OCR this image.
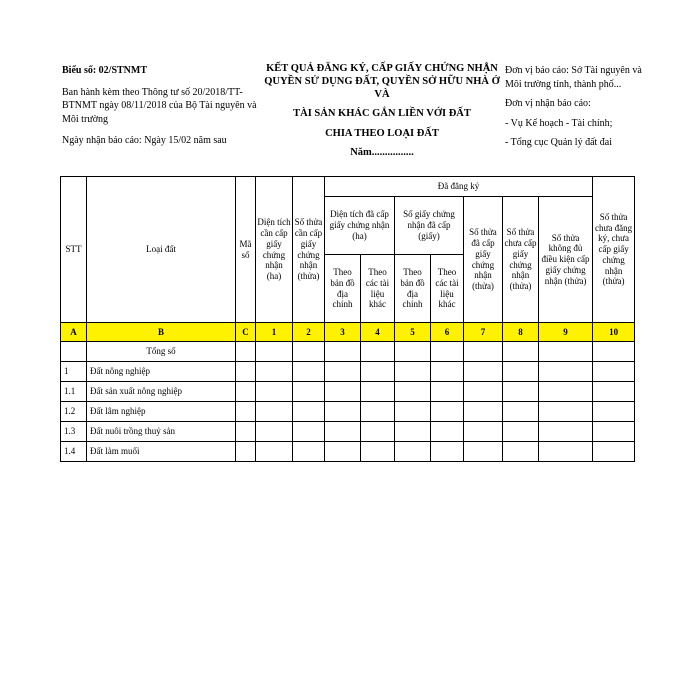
Biểu số: 02/STNMT

Ban hành kèm theo Thông tư số 20/2018/TT-BTNMT ngày 08/11/2018 của Bộ Tài nguyên và Môi trường

Ngày nhận báo cáo: Ngày 15/02 năm sau

KẾT QUẢ ĐĂNG KÝ, CẤP GIẤY CHỨNG NHẬN QUYỀN SỬ DỤNG ĐẤT, QUYỀN SỞ HỮU NHÀ Ở VÀ

TÀI SẢN KHÁC GẮN LIỀN VỚI ĐẤT

CHIA THEO LOẠI ĐẤT

Năm................

Đơn vị báo cáo: Sở Tài nguyên và Môi trường tỉnh, thành phố...

Đơn vị nhận báo cáo:

- Vụ Kế hoạch - Tài chính;

- Tổng cục Quản lý đất đai

STT	Loại đất	Mã số	Diện tích cần cấp giấy chứng nhận (ha)	Số thửa cần cấp giấy chứng nhận (thửa)	Đã đăng ký							Số thửa chưa đăng ký, chưa cấp giấy chứng nhận (thửa)
					Diện tích đã cấp giấy chứng nhận (ha)		Số giấy chứng nhận đã cấp (giấy)		Số thửa đã cấp giấy chứng nhận (thửa)	Số thửa chưa cấp giấy chứng nhận (thửa)	Số thửa không đủ điều kiện cấp giấy chứng nhận (thửa)	
					Theo bản đồ địa chính	Theo các tài liệu khác	Theo bản đồ địa chính	Theo các tài liệu khác				
A	B	C	1	2	3	4	5	6	7	8	9	10
	Tổng số											
1	Đất nông nghiệp											
1.1	Đất sản xuất nông nghiệp											
1.2	Đất lâm nghiệp											
1.3	Đất nuôi trồng thuỷ sản											
1.4	Đất làm muối											
